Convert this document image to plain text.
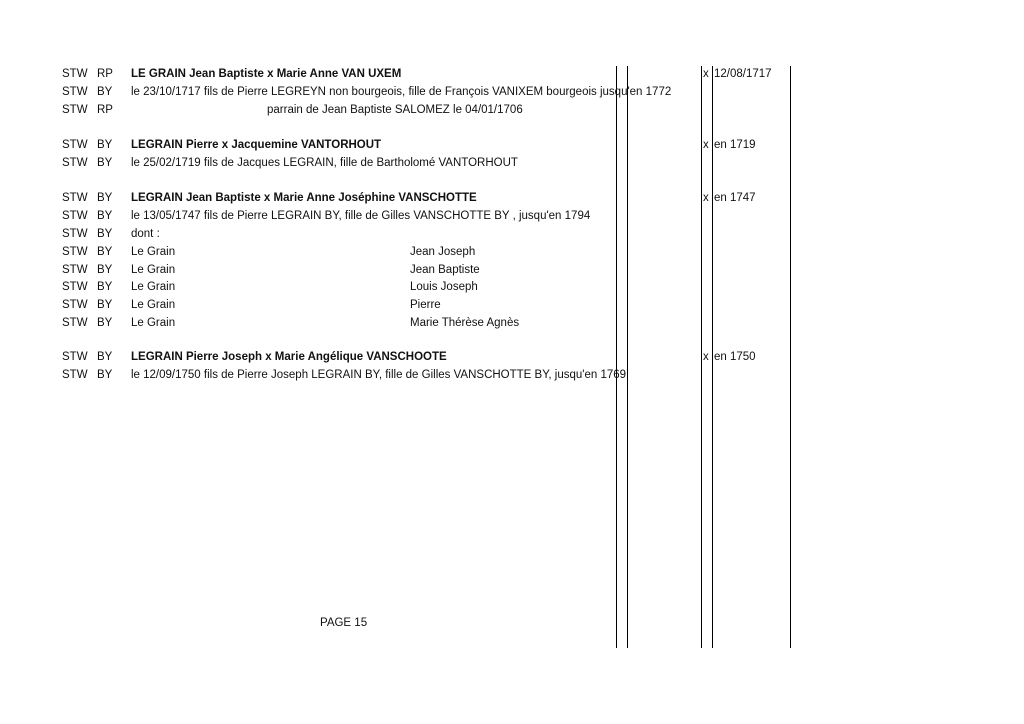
STW RP LE GRAIN Jean Baptiste x Marie Anne VAN UXEM	x 12/08/1717
STW BY le 23/10/1717 fils de Pierre LEGREYN non bourgeois, fille de François VANIXEM bourgeois jusqu'en 1772
STW RP	parrain de Jean Baptiste SALOMEZ le 04/01/1706
STW BY LEGRAIN Pierre x Jacquemine VANTORHOUT	x en 1719
STW BY le 25/02/1719 fils de Jacques LEGRAIN, fille de Bartholomé VANTORHOUT
STW BY LEGRAIN Jean Baptiste x Marie Anne Joséphine VANSCHOTTE	x en 1747
STW BY le 13/05/1747 fils de Pierre LEGRAIN BY, fille de Gilles VANSCHOTTE BY , jusqu'en 1794
STW BY dont :
STW BY Le Grain	Jean Joseph
STW BY Le Grain	Jean Baptiste
STW BY Le Grain	Louis Joseph
STW BY Le Grain	Pierre
STW BY Le Grain	Marie Thérèse Agnès
STW BY LEGRAIN Pierre Joseph x Marie Angélique VANSCHOOTE	x en 1750
STW BY le 12/09/1750 fils de Pierre Joseph LEGRAIN BY, fille de Gilles VANSCHOTTE BY, jusqu'en 1769
PAGE 15
